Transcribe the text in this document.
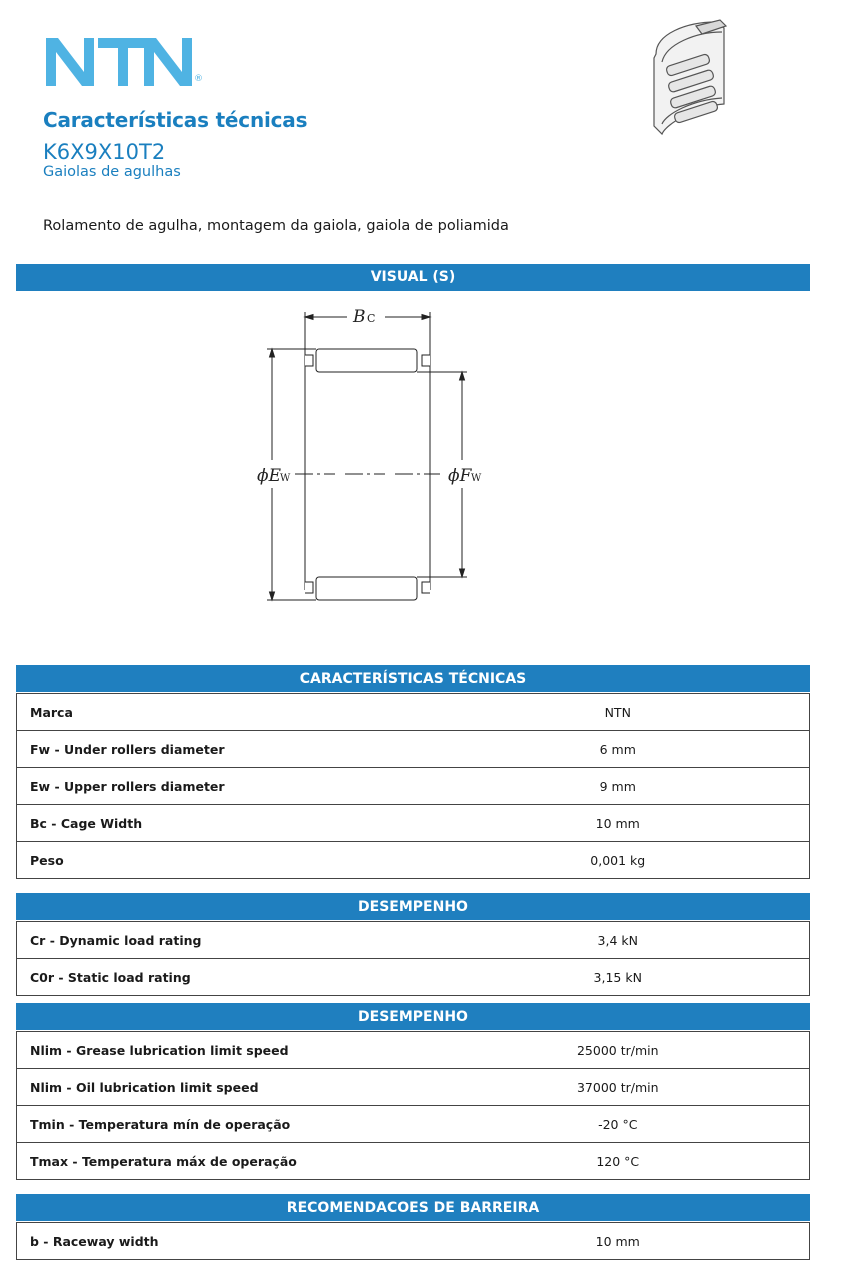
®
Características técnicas
K6X9X10T2
Gaiolas de agulhas
Rolamento de agulha, montagem da gaiola, gaiola de poliamida
VISUAL (S)
B C
ϕE W	ϕF W
CARACTERÍSTICAS TÉCNICAS
Marca	NTN
Fw - Under rollers diameter	6 mm
Ew - Upper rollers diameter	9 mm
Bc - Cage Width	10 mm
Peso	0,001 kg
DESEMPENHO
Cr - Dynamic load rating	3,4 kN
C0r - Static load rating	3,15 kN
DESEMPENHO
Nlim - Grease lubrication limit speed	25000 tr/min
Nlim - Oil lubrication limit speed	37000 tr/min
Tmin - Temperatura mín de operação	-20 °C
Tmax - Temperatura máx de operação	120 °C
RECOMENDACOES DE BARREIRA
b - Raceway width	10 mm
